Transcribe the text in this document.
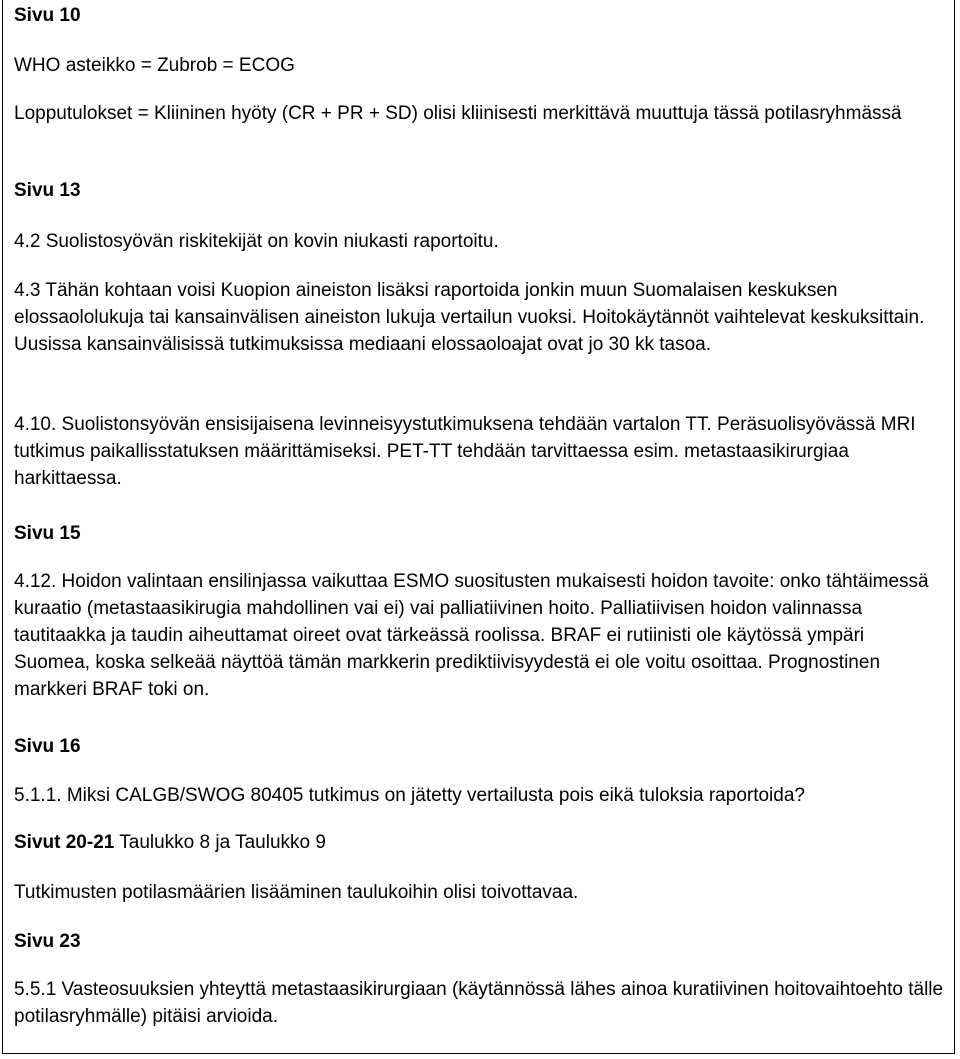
Sivu 10

WHO asteikko = Zubrob = ECOG

Lopputulokset = Kliininen hyöty (CR + PR + SD) olisi kliinisesti merkittävä muuttuja tässä potilasryhmässä

Sivu 13

4.2 Suolistosyövän riskitekijät on kovin niukasti raportoitu.

4.3 Tähän kohtaan voisi Kuopion aineiston lisäksi raportoida jonkin muun Suomalaisen keskuksen elossaololukuja tai kansainvälisen aineiston lukuja vertailun vuoksi. Hoitokäytännöt vaihtelevat keskuksittain. Uusissa kansainvälisissä tutkimuksissa mediaani elossaoloajat ovat jo 30 kk tasoa.

4.10. Suolistonsyövän ensisijaisena levinneisyystutkimuksena tehdään vartalon TT. Peräsuolisyövässä MRI tutkimus paikallisstatuksen määrittämiseksi. PET-TT tehdään tarvittaessa esim. metastaasikirurgiaa harkittaessa.

Sivu 15

4.12. Hoidon valintaan ensilinjassa vaikuttaa ESMO suositusten mukaisesti hoidon tavoite: onko tähtäimessä kuraatio (metastaasikirugia mahdollinen vai ei) vai palliatiivinen hoito. Palliatiivisen hoidon valinnassa tautitaakka ja taudin aiheuttamat oireet ovat tärkeässä roolissa. BRAF ei rutiinisti ole käytössä ympäri Suomea, koska selkeää näyttöä tämän markkerin prediktiivisyydestä ei ole voitu osoittaa. Prognostinen markkeri BRAF toki on.

Sivu 16

5.1.1. Miksi CALGB/SWOG 80405 tutkimus on jätetty vertailusta pois eikä tuloksia raportoida?

Sivut 20-21 Taulukko 8 ja Taulukko 9

Tutkimusten potilasmäärien lisääminen taulukoihin olisi toivottavaa.

Sivu 23

5.5.1 Vasteosuuksien yhteyttä metastaasikirurgiaan (käytännössä lähes ainoa kuratiivinen hoitovaihtoehto tälle potilasryhmälle) pitäisi arvioida.
